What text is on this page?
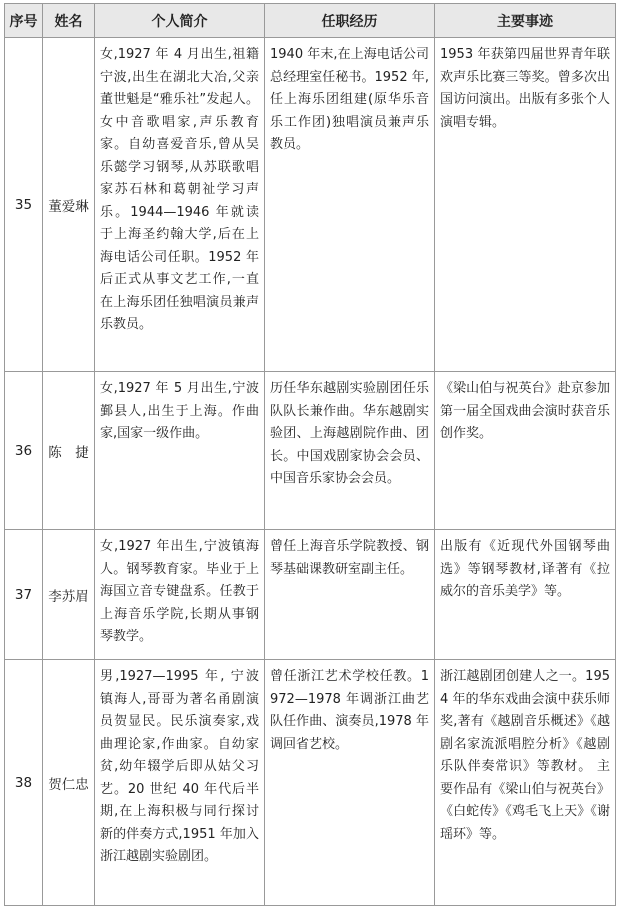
序号	姓名	个人简介	任职经历	主要事迹
35	董爱琳	女,1927 年 4 月出生,祖籍宁波,出生在湖北大冶,父亲董世魁是“雅乐社”发起人。女中音歌唱家,声乐教育家。自幼喜爱音乐,曾从吴乐懿学习钢琴,从苏联歌唱家苏石林和葛朝祉学习声乐。1944—1946 年就读于上海圣约翰大学,后在上海电话公司任职。1952 年后正式从事文艺工作,一直在上海乐团任独唱演员兼声乐教员。	1940 年末,在上海电话公司总经理室任秘书。1952 年,任上海乐团组建(原华乐音乐工作团)独唱演员兼声乐教员。	1953 年获第四届世界青年联欢声乐比赛三等奖。曾多次出国访问演出。出版有多张个人演唱专辑。
36	陈　捷	女,1927 年 5 月出生,宁波鄞县人,出生于上海。作曲家,国家一级作曲。	历任华东越剧实验剧团任乐队队长兼作曲。华东越剧实验团、上海越剧院作曲、团长。中国戏剧家协会会员、中国音乐家协会会员。	《梁山伯与祝英台》赴京参加第一届全国戏曲会演时获音乐创作奖。
37	李苏眉	女,1927 年出生,宁波镇海人。钢琴教育家。毕业于上海国立音专键盘系。任教于上海音乐学院,长期从事钢琴教学。	曾任上海音乐学院教授、钢琴基础课教研室副主任。	出版有《近现代外国钢琴曲选》等钢琴教材,译著有《拉威尔的音乐美学》等。
38	贺仁忠	男,1927—1995 年, 宁波镇海人,哥哥为著名甬剧演员贺显民。民乐演奏家,戏曲理论家,作曲家。自幼家贫,幼年辍学后即从姑父习艺。20 世纪 40 年代后半期,在上海积极与同行探讨新的伴奏方式,1951 年加入浙江越剧实验剧团。	曾任浙江艺术学校任教。1972—1978 年调浙江曲艺队任作曲、演奏员,1978 年调回省艺校。	浙江越剧团创建人之一。1954 年的华东戏曲会演中获乐师奖,著有《越剧音乐概述》《越剧名家流派唱腔分析》《越剧乐队伴奏常识》等教材。 主要作品有《梁山伯与祝英台》《白蛇传》《鸡毛飞上天》《谢瑶环》等。
